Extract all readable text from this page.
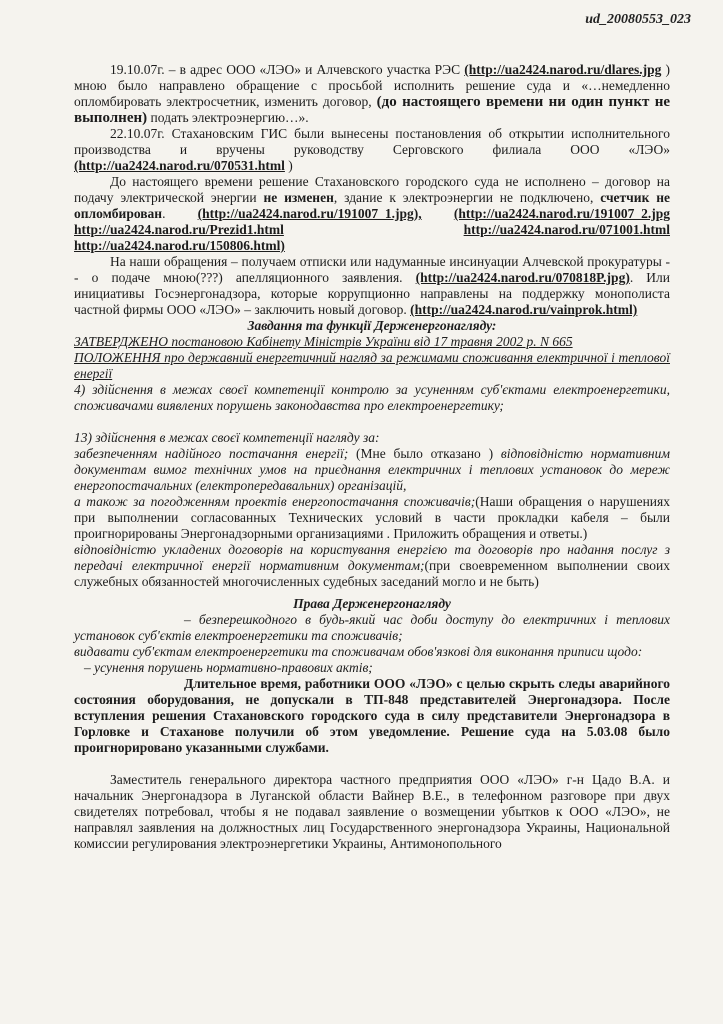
ud_20080553_023

19.10.07г. – в адрес ООО «ЛЭО» и Алчевского участка РЭС (http://ua2424.narod.ru/dlares.jpg ) мною было направлено обращение с просьбой исполнить решение суда и «…немедленно опломбировать электросчетник, изменить договор, (до настоящего времени ни один пункт не выполнен) подать электроэнергию…».

22.10.07г. Стахановским ГИС были вынесены постановления об открытии исполнительного производства и вручены руководству Серговского филиала ООО «ЛЭО» (http://ua2424.narod.ru/070531.html )

До настоящего времени решение Стахановского городского суда не исполнено – договор на подачу электрической энергии не изменен, здание к электроэнергии не подключено, счетчик не опломбирован. (http://ua2424.narod.ru/191007_1.jpg), (http://ua2424.narod.ru/191007_2.jpg http://ua2424.narod.ru/Prezid1.html	http://ua2424.narod.ru/071001.html http://ua2424.narod.ru/150806.html)

На наши обращения – получаем отписки или надуманные инсинуации Алчевской прокуратуры -- о подаче мною(???) апелляционного заявления. (http://ua2424.narod.ru/070818P.jpg). Или инициативы Госэнергонадзора, которые коррупционно направлены на поддержку монополиста частной фирмы ООО «ЛЭО» – заключить новый договор. (http://ua2424.narod.ru/vainprok.html)

Завдання та функції Держенергонагляду:

ЗАТВЕРДЖЕНО постановою Кабінету Міністрів України від 17 травня 2002 р. N 665

ПОЛОЖЕННЯ про державний енергетичний нагляд за режимами споживання електричної і теплової енергії

4) здійснення в межах своєї компетенції контролю за усуненням суб'єктами електроенергетики, споживачами виявлених порушень законодавства про електроенергетику;

13) здійснення в межах своєї компетенції нагляду за:

забезпеченням надійного постачання енергії; (Мне было отказано ) відповідністю нормативним документам вимог технічних умов на приєднання електричних і теплових установок до мереж енергопостачальних (електропередавальних) організацій,

а також за погодженням проектів енергопостачання споживачів;(Наши обращения о нарушениях при выполнении согласованных Технических условий в части прокладки кабеля – были проигнорированы Энергонадзорными организациями . Приложить обращения и ответы.)

відповідністю укладених договорів на користування енергією та договорів про надання послуг з передачі електричної енергії нормативним документам;(при своевременном выполнении своих служебных обязанностей многочисленных судебных заседаний могло и не быть)

Права Держенергонагляду

– безперешкодного в будь-який час доби доступу до електричних і теплових установок суб'єктів електроенергетики та споживачів;

видавати суб'єктам електроенергетики та споживачам обов'язкові для виконання приписи щодо:

– усунення порушень нормативно-правових актів;

Длительное время, работники ООО «ЛЭО» с целью скрыть следы аварийного состояния оборудования, не допускали в ТП-848 представителей Энергонадзора. После вступления решения Стахановского городского суда в силу представители Энергонадзора в Горловке и Стаханове получили об этом уведомление. Решение суда на 5.03.08 было проигнорировано указанными службами.

Заместитель генерального директора частного предприятия ООО «ЛЭО» г-н Цадо В.А. и начальник Энергонадзора в Луганской области Вайнер В.Е., в телефонном разговоре при двух свидетелях потребовал, чтобы я не подавал заявление о возмещении убытков к ООО «ЛЭО», не направлял заявления на должностных лиц Государственного энергонадзора Украины, Национальной комиссии регулирования электроэнергетики Украины, Антимонопольного
